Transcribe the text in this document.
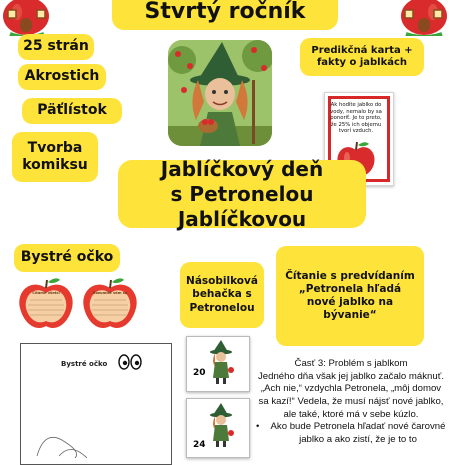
Štvrtý ročník
25 strán
Akrostich
Päťlístok
Tvorba komiksu
Predikčná karta + fakty o jablkách
Ak hodíte jablko do vody, nemalo by sa ponoriť. Je to preto, že 25% ich objemu tvorí vzduch.
Jablíčkový deň
s Petronelou Jablíčkovou
Bystré očko
Čítame všetci	Rozumieť vám sa
Bystré očko
Násobilková behačka s Petronelou
20
24
Čítanie s predvídaním „Petronela hľadá nové jablko na bývanie“

Časť 3: Problém s jablkom

Jedného dňa však jej jablko začalo máknuť. „Ach nie,“ vzdychla Petronela, „môj domov sa kazí!“ Vedela, že musí nájsť nové jablko, ale také, ktoré má v sebe kúzlo.

•	Ako bude Petronela hľadať nové čarovné jablko a ako zistí, že je to to
